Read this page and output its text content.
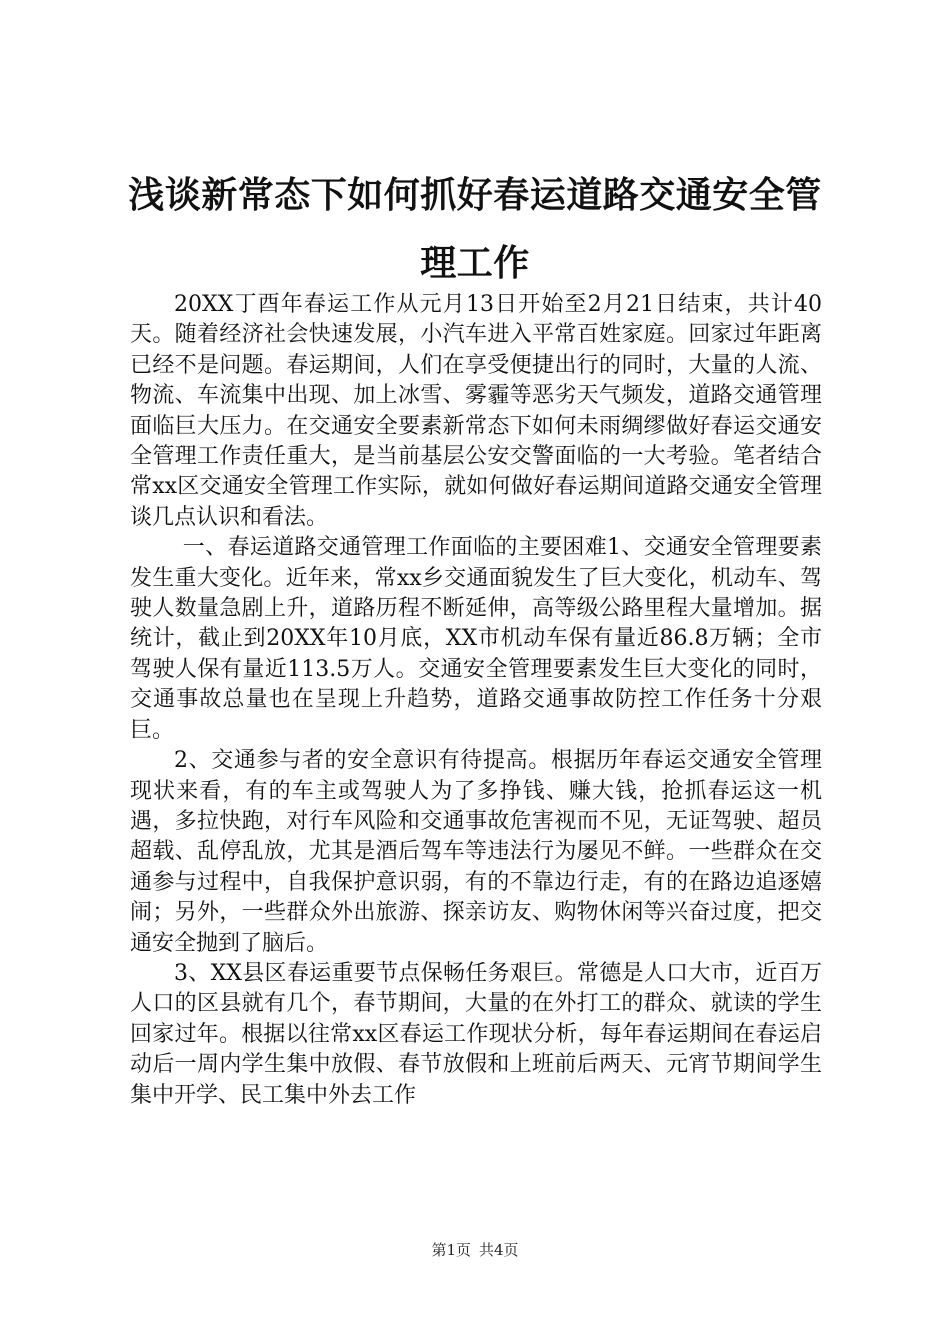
浅谈新常态下如何抓好春运道路交通安全管理工作

20XX丁酉年春运工作从元月13日开始至2月21日结束，共计40天。随着经济社会快速发展，小汽车进入平常百姓家庭。回家过年距离已经不是问题。春运期间，人们在享受便捷出行的同时，大量的人流、物流、车流集中出现、加上冰雪、雾霾等恶劣天气频发，道路交通管理面临巨大压力。在交通安全要素新常态下如何未雨绸缪做好春运交通安全管理工作责任重大，是当前基层公安交警面临的一大考验。笔者结合常xx区交通安全管理工作实际，就如何做好春运期间道路交通安全管理谈几点认识和看法。

一、春运道路交通管理工作面临的主要困难1、交通安全管理要素发生重大变化。近年来，常xx乡交通面貌发生了巨大变化，机动车、驾驶人数量急剧上升，道路历程不断延伸，高等级公路里程大量增加。据统计，截止到20XX年10月底，XX市机动车保有量近86.8万辆；全市驾驶人保有量近113.5万人。交通安全管理要素发生巨大变化的同时，交通事故总量也在呈现上升趋势，道路交通事故防控工作任务十分艰巨。

2、交通参与者的安全意识有待提高。根据历年春运交通安全管理现状来看，有的车主或驾驶人为了多挣钱、赚大钱，抢抓春运这一机遇，多拉快跑，对行车风险和交通事故危害视而不见，无证驾驶、超员超载、乱停乱放，尤其是酒后驾车等违法行为屡见不鲜。一些群众在交通参与过程中，自我保护意识弱，有的不靠边行走，有的在路边追逐嬉闹；另外，一些群众外出旅游、探亲访友、购物休闲等兴奋过度，把交通安全抛到了脑后。

3、XX县区春运重要节点保畅任务艰巨。常德是人口大市，近百万人口的区县就有几个，春节期间，大量的在外打工的群众、就读的学生回家过年。根据以往常xx区春运工作现状分析，每年春运期间在春运启动后一周内学生集中放假、春节放假和上班前后两天、元宵节期间学生集中开学、民工集中外去工作

第1页 共4页
